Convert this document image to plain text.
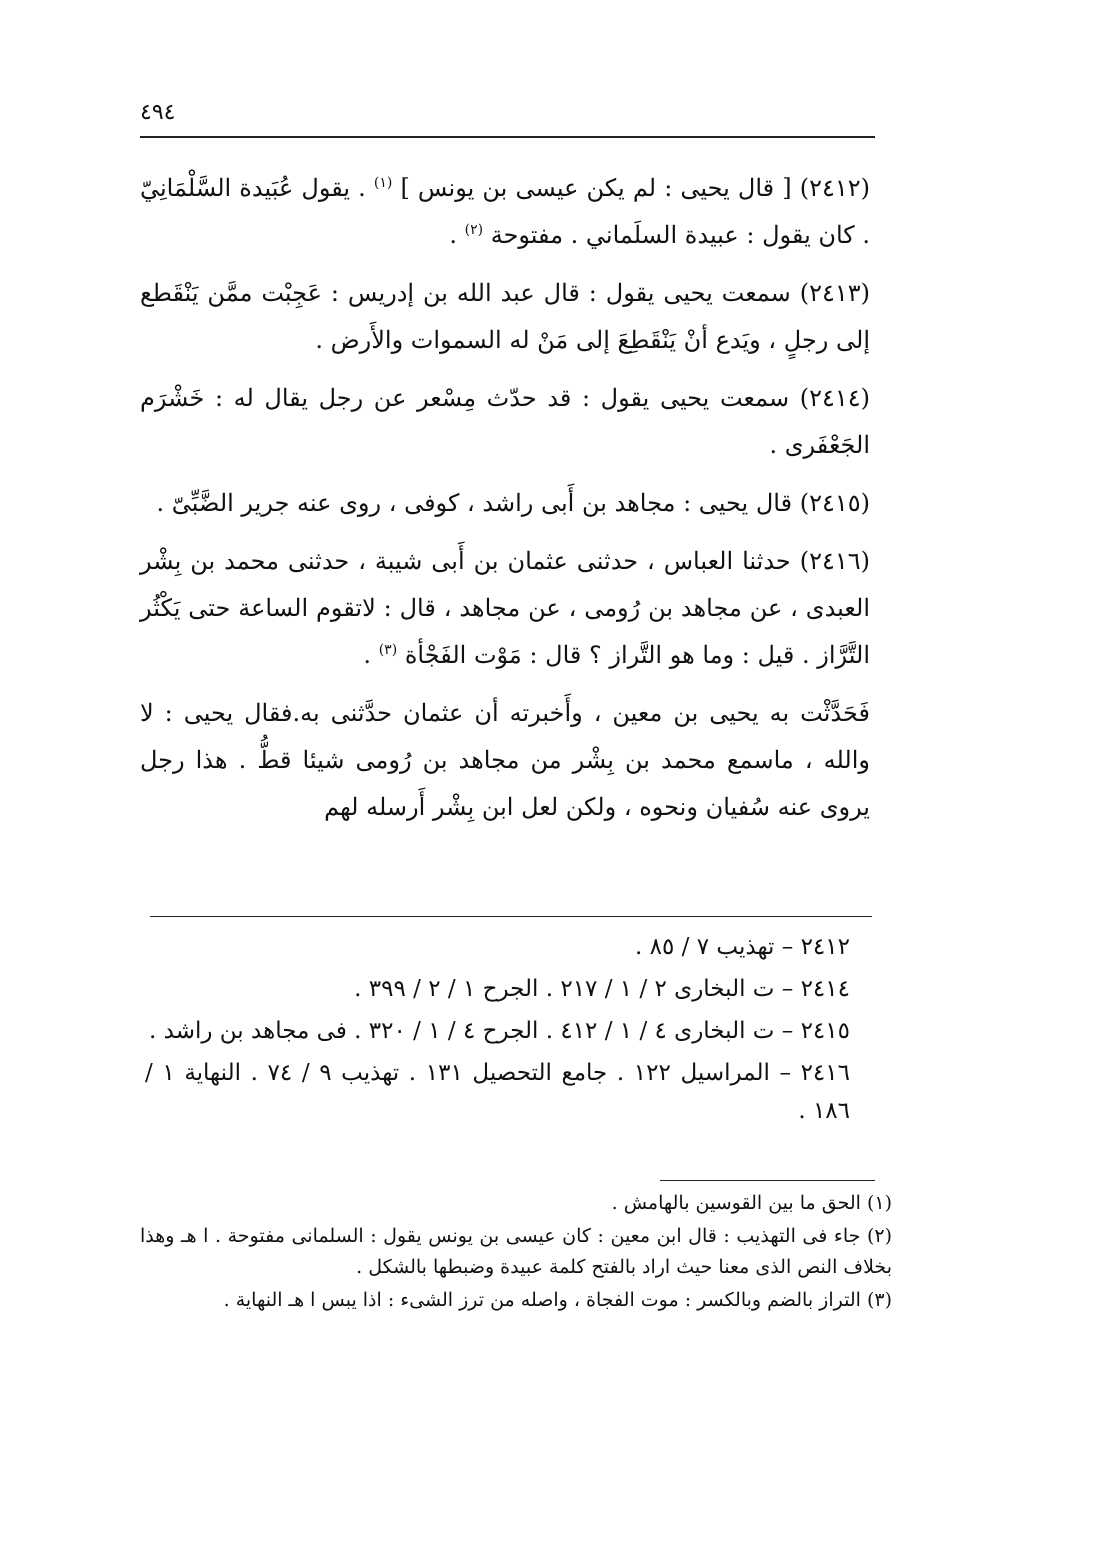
٤٩٤

(٢٤١٢) [ قال يحيى : لم يكن عيسى بن يونس ] $^{(١)}$ . يقول عُبَيدة السَّلْمَانِيّ . كان يقول : عبيدة السلَماني . مفتوحة $^{(٢)}$ .

(٢٤١٣) سمعت يحيى يقول : قال عبد الله بن إدريس : عَجِبْت ممَّن يَنْقَطع إلى رجلٍ ، ويَدع أنْ يَنْقَطِعَ إلى مَنْ له السموات والأَرض .

(٢٤١٤) سمعت يحيى يقول : قد حدّث مِسْعر عن رجل يقال له : خَشْرَم الجَعْفَرى .

(٢٤١٥) قال يحيى : مجاهد بن أَبى راشد ، كوفى ، روى عنه جرير الضَّبِّىّ .

(٢٤١٦) حدثنا العباس ، حدثنى عثمان بن أَبى شيبة ، حدثنى محمد بن بِشْر العبدى ، عن مجاهد بن رُومى ، عن مجاهد ، قال : لاتقوم الساعة حتى يَكْثُر التَّرَّاز . قيل : وما هو التَّراز ؟ قال : مَوْت الفَجْأة $^{(٣)}$ .

فَحَدَّثْت به يحيى بن معين ، وأَخبرته أن عثمان حدَّثنى به.فقال يحيى : لا والله ، ماسمع محمد بن بِشْر من مجاهد بن رُومى شيئا قطُّ . هذا رجل يروى عنه سُفيان ونحوه ، ولكن لعل ابن بِشْر أَرسله لهم

٢٤١٢ – تهذيب ٧ / ٨٥ .

٢٤١٤ – ت البخارى ٢ / ١ / ٢١٧ . الجرح ١ / ٢ / ٣٩٩ .

٢٤١٥ – ت البخارى ٤ / ١ / ٤١٢ . الجرح ٤ / ١ / ٣٢٠ . فى مجاهد بن راشد .

٢٤١٦ – المراسيل ١٢٢ . جامع التحصيل ١٣١ . تهذيب ٩ / ٧٤ . النهاية ١ / ١٨٦ .

(١) الحق ما بين القوسين بالهامش .

(٢) جاء فى التهذيب : قال ابن معين : كان عيسى بن يونس يقول : السلمانى مفتوحة . ا هـ وهذا بخلاف النص الذى معنا حيث اراد بالفتح كلمة عبيدة وضبطها بالشكل .

(٣) التراز بالضم وبالكسر : موت الفجاة ، واصله من ترز الشىء : اذا يبس ا هـ النهاية .
